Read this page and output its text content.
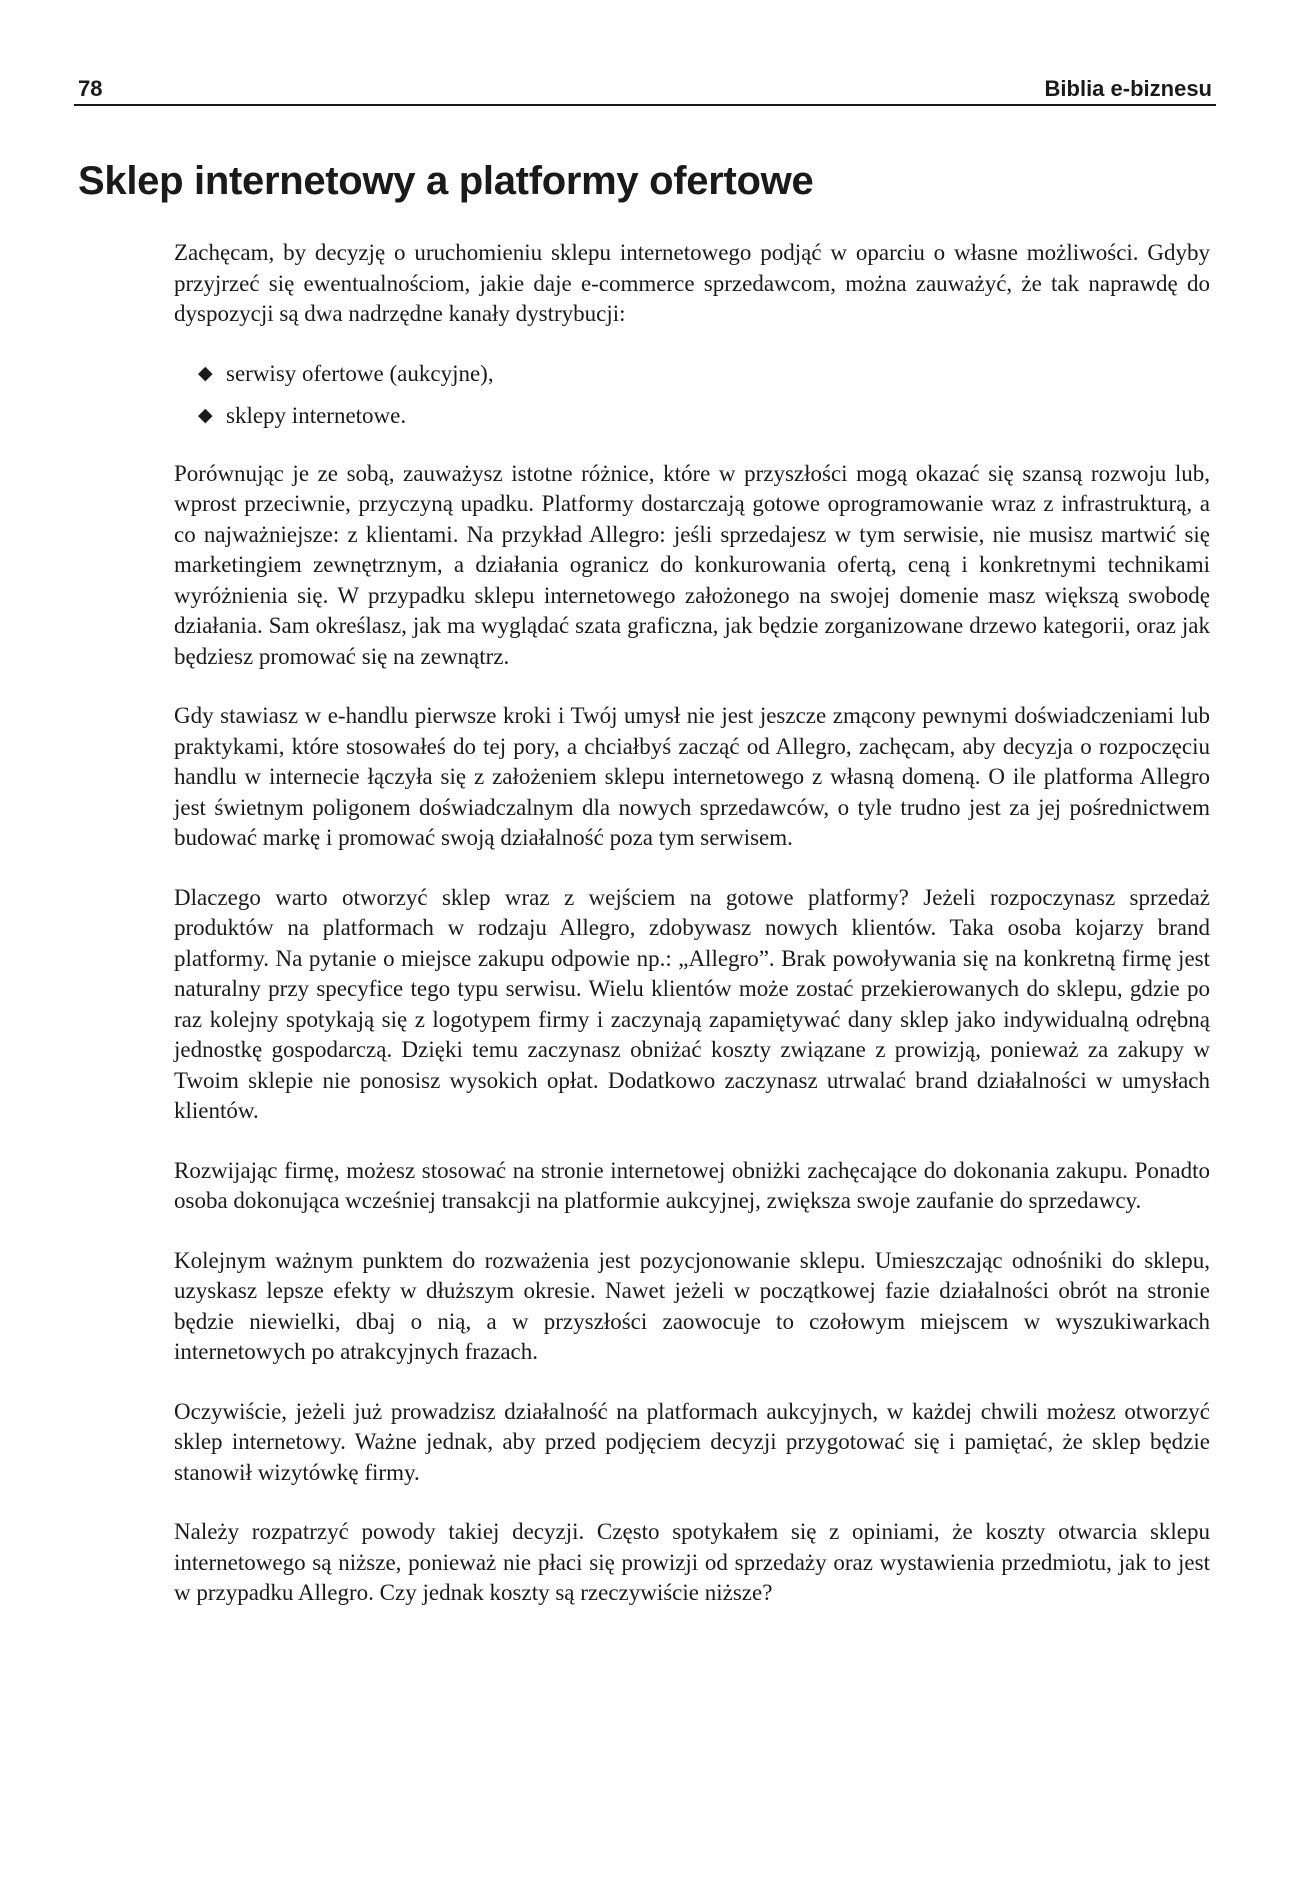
78	Biblia e-biznesu
Sklep internetowy a platformy ofertowe

Zachęcam, by decyzję o uruchomieniu sklepu internetowego podjąć w oparciu o własne możliwości. Gdyby przyjrzeć się ewentualnościom, jakie daje e-commerce sprzedawcom, można zauważyć, że tak naprawdę do dyspozycji są dwa nadrzędne kanały dystrybucji:

◆ serwisy ofertowe (aukcyjne),
◆ sklepy internetowe.

Porównując je ze sobą, zauważysz istotne różnice, które w przyszłości mogą okazać się szansą rozwoju lub, wprost przeciwnie, przyczyną upadku. Platformy dostarczają gotowe oprogramowanie wraz z infrastrukturą, a co najważniejsze: z klientami. Na przykład Allegro: jeśli sprzedajesz w tym serwisie, nie musisz martwić się marketingiem zewnętrznym, a działania ogranicz do konkurowania ofertą, ceną i konkretnymi technikami wyróżnienia się. W przypadku sklepu internetowego założonego na swojej domenie masz większą swobodę działania. Sam określasz, jak ma wyglądać szata graficzna, jak będzie zorganizowane drzewo kategorii, oraz jak będziesz promować się na zewnątrz.

Gdy stawiasz w e-handlu pierwsze kroki i Twój umysł nie jest jeszcze zmącony pewnymi doświadczeniami lub praktykami, które stosowałeś do tej pory, a chciałbyś zacząć od Allegro, zachęcam, aby decyzja o rozpoczęciu handlu w internecie łączyła się z założeniem sklepu internetowego z własną domeną. O ile platforma Allegro jest świetnym poligonem doświadczalnym dla nowych sprzedawców, o tyle trudno jest za jej pośrednictwem budować markę i promować swoją działalność poza tym serwisem.

Dlaczego warto otworzyć sklep wraz z wejściem na gotowe platformy? Jeżeli rozpoczynasz sprzedaż produktów na platformach w rodzaju Allegro, zdobywasz nowych klientów. Taka osoba kojarzy brand platformy. Na pytanie o miejsce zakupu odpowie np.: „Allegro”. Brak powoływania się na konkretną firmę jest naturalny przy specyfice tego typu serwisu. Wielu klientów może zostać przekierowanych do sklepu, gdzie po raz kolejny spotykają się z logotypem firmy i zaczynają zapamiętywać dany sklep jako indywidualną odrębną jednostkę gospodarczą. Dzięki temu zaczynasz obniżać koszty związane z prowizją, ponieważ za zakupy w Twoim sklepie nie ponosisz wysokich opłat. Dodatkowo zaczynasz utrwalać brand działalności w umysłach klientów.

Rozwijając firmę, możesz stosować na stronie internetowej obniżki zachęcające do dokonania zakupu. Ponadto osoba dokonująca wcześniej transakcji na platformie aukcyjnej, zwiększa swoje zaufanie do sprzedawcy.

Kolejnym ważnym punktem do rozważenia jest pozycjonowanie sklepu. Umieszczając odnośniki do sklepu, uzyskasz lepsze efekty w dłuższym okresie. Nawet jeżeli w początkowej fazie działalności obrót na stronie będzie niewielki, dbaj o nią, a w przyszłości zaowocuje to czołowym miejscem w wyszukiwarkach internetowych po atrakcyjnych frazach.

Oczywiście, jeżeli już prowadzisz działalność na platformach aukcyjnych, w każdej chwili możesz otworzyć sklep internetowy. Ważne jednak, aby przed podjęciem decyzji przygotować się i pamiętać, że sklep będzie stanowił wizytówkę firmy.

Należy rozpatrzyć powody takiej decyzji. Często spotykałem się z opiniami, że koszty otwarcia sklepu internetowego są niższe, ponieważ nie płaci się prowizji od sprzedaży oraz wystawienia przedmiotu, jak to jest w przypadku Allegro. Czy jednak koszty są rzeczywiście niższe?
